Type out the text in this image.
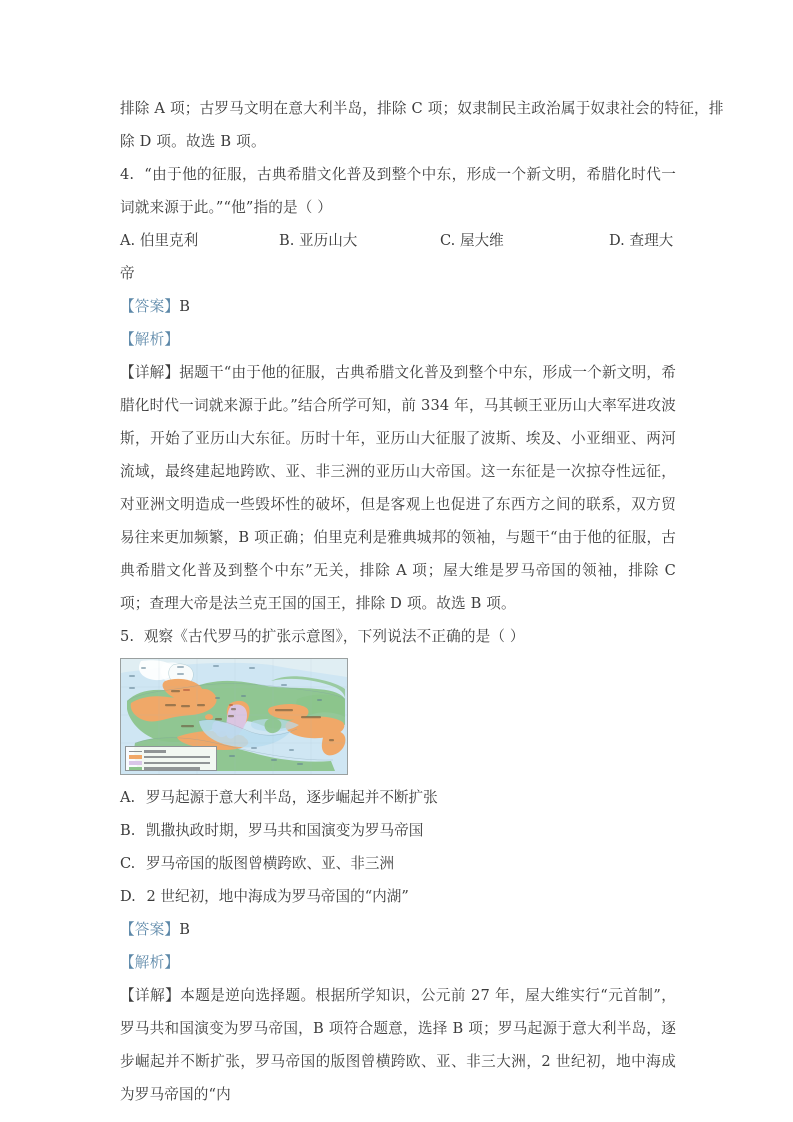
排除 A 项；古罗马文明在意大利半岛，排除 C 项；奴隶制民主政治属于奴隶社会的特征，排
除 D 项。故选 B 项。
4. “由于他的征服，古典希腊文化普及到整个中东，形成一个新文明，希腊化时代一词就来源于此。”“他”指的是（ ）
A. 伯里克利	B. 亚历山大	C. 屋大维	D. 查理大
帝
【答案】B
【解析】
【详解】据题干“由于他的征服，古典希腊文化普及到整个中东，形成一个新文明，希腊化时代一词就来源于此。”结合所学可知，前 334 年，马其顿王亚历山大率军进攻波斯，开始了亚历山大东征。历时十年，亚历山大征服了波斯、埃及、小亚细亚、两河流域，最终建起地跨欧、亚、非三洲的亚历山大帝国。这一东征是一次掠夺性远征，对亚洲文明造成一些毁坏性的破坏，但是客观上也促进了东西方之间的联系，双方贸易往来更加频繁，B 项正确；伯里克利是雅典城邦的领袖，与题干“由于他的征服，古典希腊文化普及到整个中东”无关，排除 A 项；屋大维是罗马帝国的领袖，排除 C 项；查理大帝是法兰克王国的国王，排除 D 项。故选 B 项。
5. 观察《古代罗马的扩张示意图》，下列说法不正确的是（ ）
A. 罗马起源于意大利半岛，逐步崛起并不断扩张
B. 凯撒执政时期，罗马共和国演变为罗马帝国
C. 罗马帝国的版图曾横跨欧、亚、非三洲
D. 2 世纪初，地中海成为罗马帝国的“内湖”
【答案】B
【解析】
【详解】本题是逆向选择题。根据所学知识，公元前 27 年，屋大维实行“元首制”，罗马共和国演变为罗马帝国，B 项符合题意，选择 B 项；罗马起源于意大利半岛，逐步崛起并不断扩张，罗马帝国的版图曾横跨欧、亚、非三大洲，2 世纪初，地中海成为罗马帝国的“内
